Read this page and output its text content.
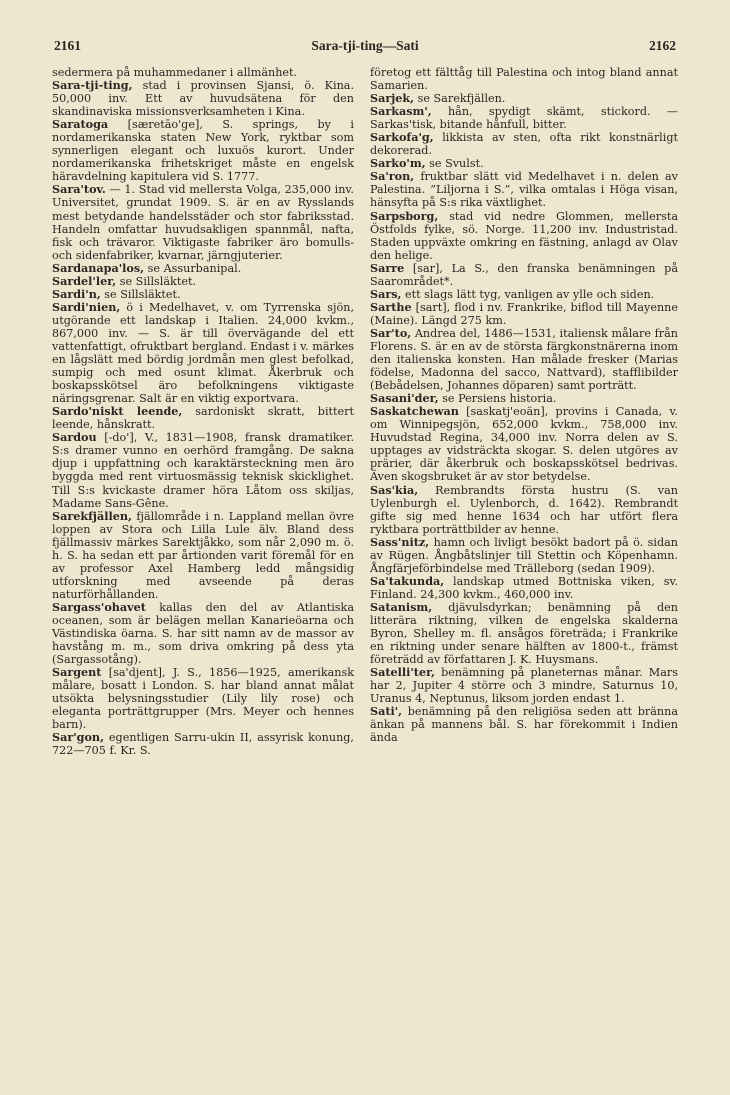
2161	Sara-tji-ting—Sati	2162

sedermera på muhammedaner i allmänhet.

Sara-tji-ting, stad i provinsen Sjansi, ö. Kina. 50,000 inv. Ett av huvudsätena för den skandinaviska missionsverksamheten i Kina.

Saratoga [særetāo'ge], S. springs, by i nordamerikanska staten New York, ryktbar som synnerligen elegant och luxuös kurort. Under nordamerikanska frihetskriget måste en engelsk häravdelning kapitulera vid S. 1777.

Sara'tov. — 1. Stad vid mellersta Volga, 235,000 inv. Universitet, grundat 1909. S. är en av Rysslands mest betydande handelsstäder och stor fabriksstad. Handeln omfattar huvudsakligen spannmål, nafta, fisk och trävaror. Viktigaste fabriker äro bomulls- och sidenfabriker, kvarnar, järngjuterier.

Sardanapa'los, se Assurbanipal.

Sardel'ler, se Sillsläktet.

Sardi'n, se Sillsläktet.

Sardi'nien, ö i Medelhavet, v. om Tyrrenska sjön, utgörande ett landskap i Italien. 24,000 kvkm., 867,000 inv. — S. är till övervägande del ett vattenfattigt, ofruktbart bergland. Endast i v. märkes en lågslätt med bördig jordmån men glest befolkad, sumpig och med osunt klimat. Åkerbruk och boskapsskötsel äro befolkningens viktigaste näringsgrenar. Salt är en viktig exportvara.

Sardo'niskt leende, sardoniskt skratt, bittert leende, hånskratt.

Sardou [-do'], V., 1831—1908, fransk dramatiker. S:s dramer vunno en oerhörd framgång. De sakna djup i uppfattning och karaktärsteckning men äro byggda med rent virtuosmässig teknisk skicklighet. Till S:s kvickaste dramer höra Låtom oss skiljas, Madame Sans-Gêne.

Sarekfjällen, fjällområde i n. Lappland mellan övre loppen av Stora och Lilla Lule älv. Bland dess fjällmassiv märkes Sarektjåkko, som når 2,090 m. ö. h. S. ha sedan ett par årtionden varit föremål för en av professor Axel Hamberg ledd mångsidig utforskning med avseende på deras naturförhållanden.

Sargass'ohavet kallas den del av Atlantiska oceanen, som är belägen mellan Kanarieöarna och Västindiska öarna. S. har sitt namn av de massor av havstång m. m., som driva omkring på dess yta (Sargassotång).

Sargent [sa'djent], J. S., 1856—1925, amerikansk målare, bosatt i London. S. har bland annat målat utsökta belysningsstudier (Lily lily rose) och eleganta porträttgrupper (Mrs. Meyer och hennes barn).

Sar'gon, egentligen Sarru-ukin II, assyrisk konung, 722—705 f. Kr. S.

företog ett fälttåg till Palestina och intog bland annat Samarien.

Sarjek, se Sarekfjällen.

Sarkasm', hån, spydigt skämt, stickord. — Sarkas'tisk, bitande hånfull, bitter.

Sarkofa'g, likkista av sten, ofta rikt konstnärligt dekorerad.

Sarko'm, se Svulst.

Sa'ron, fruktbar slätt vid Medelhavet i n. delen av Palestina. ”Liljorna i S.”, vilka omtalas i Höga visan, hänsyfta på S:s rika växtlighet.

Sarpsborg, stad vid nedre Glommen, mellersta Östfolds fylke, sö. Norge. 11,200 inv. Industristad. Staden uppväxte omkring en fästning, anlagd av Olav den helige.

Sarre [sar], La S., den franska benämningen på Saarområdet*.

Sars, ett slags lätt tyg, vanligen av ylle och siden.

Sarthe [sart], flod i nv. Frankrike, biflod till Mayenne (Maine). Längd 275 km.

Sar'to, Andrea del, 1486—1531, italiensk målare från Florens. S. är en av de största färgkonstnärerna inom den italienska konsten. Han målade fresker (Marias födelse, Madonna del sacco, Nattvard), stafflibilder (Bebådelsen, Johannes döparen) samt porträtt.

Sasani'der, se Persiens historia.

Saskatchewan [saskatj'eoän], provins i Canada, v. om Winnipegsjön, 652,000 kvkm., 758,000 inv. Huvudstad Regina, 34,000 inv. Norra delen av S. upptages av vidsträckta skogar. S. delen utgöres av prärier, där åkerbruk och boskapsskötsel bedrivas. Även skogsbruket är av stor betydelse.

Sas'kia, Rembrandts första hustru (S. van Uylenburgh el. Uylenborch, d. 1642). Rembrandt gifte sig med henne 1634 och har utfört flera ryktbara porträttbilder av henne.

Sass'nitz, hamn och livligt besökt badort på ö. sidan av Rügen. Ångbåtslinjer till Stettin och Köpenhamn. Ångfärjeförbindelse med Trälleborg (sedan 1909).

Sa'takunda, landskap utmed Bottniska viken, sv. Finland. 24,300 kvkm., 460,000 inv.

Satanism, djävulsdyrkan; benämning på den litterära riktning, vilken de engelska skalderna Byron, Shelley m. fl. ansågos företräda; i Frankrike en riktning under senare hälften av 1800-t., främst företrädd av författaren J. K. Huysmans.

Satelli'ter, benämning på planeternas månar. Mars har 2, Jupiter 4 större och 3 mindre, Saturnus 10, Uranus 4, Neptunus, liksom jorden endast 1.

Sati', benämning på den religiösa seden att bränna änkan på mannens bål. S. har förekommit i Indien ända
